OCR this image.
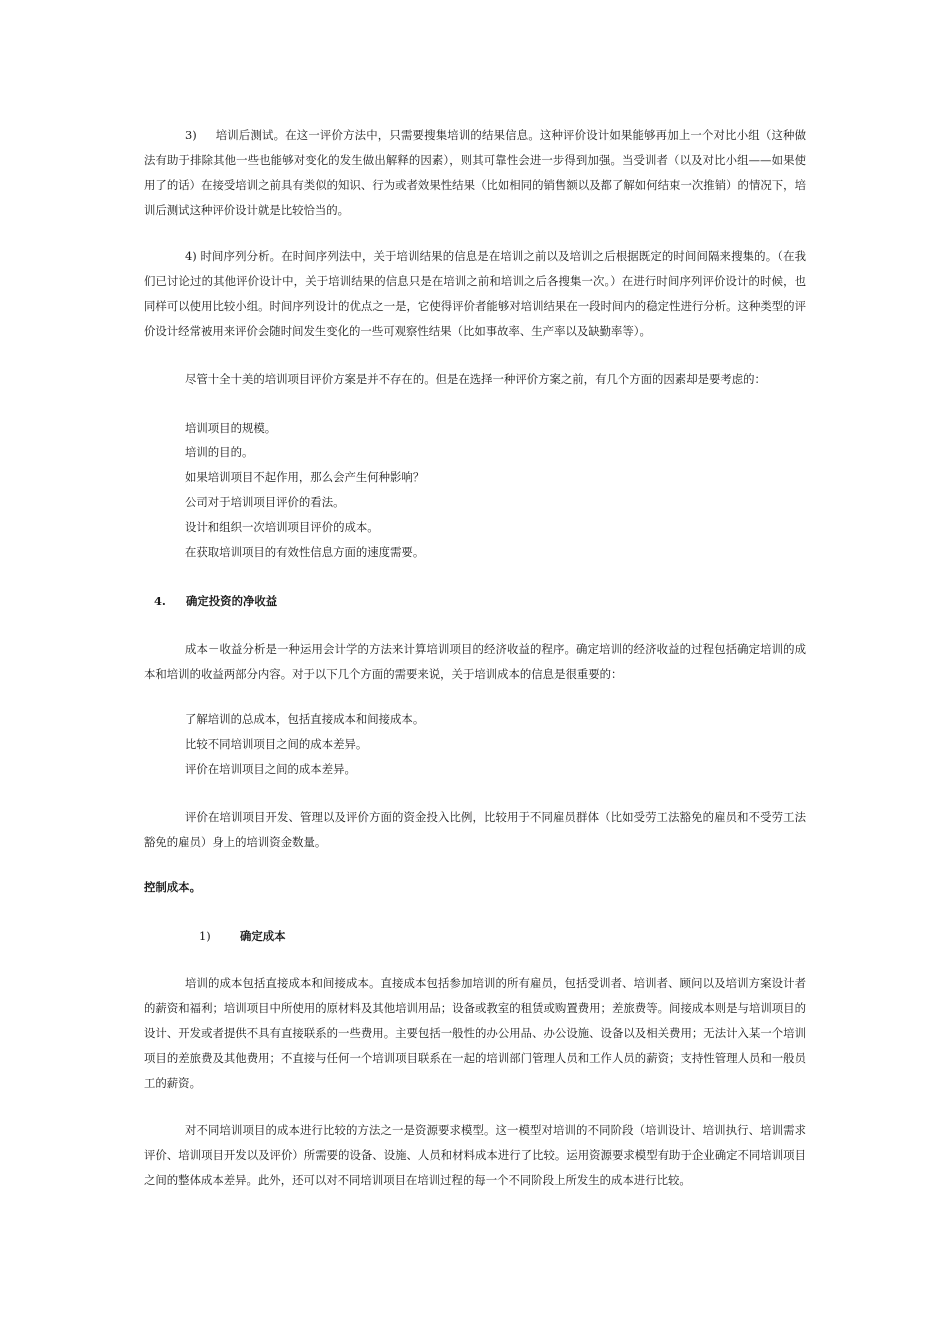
3)     培训后测试。在这一评价方法中，只需要搜集培训的结果信息。这种评价设计如果能够再加上一个对比小组（这种做法有助于排除其他一些也能够对变化的发生做出解释的因素），则其可靠性会进一步得到加强。当受训者（以及对比小组——如果使用了的话）在接受培训之前具有类似的知识、行为或者效果性结果（比如相同的销售额以及都了解如何结束一次推销）的情况下，培训后测试这种评价设计就是比较恰当的。

4) 时间序列分析。在时间序列法中，关于培训结果的信息是在培训之前以及培训之后根据既定的时间间隔来搜集的。（在我们已讨论过的其他评价设计中，关于培训结果的信息只是在培训之前和培训之后各搜集一次。）在进行时间序列评价设计的时候，也同样可以使用比较小组。时间序列设计的优点之一是，它使得评价者能够对培训结果在一段时间内的稳定性进行分析。这种类型的评价设计经常被用来评价会随时间发生变化的一些可观察性结果（比如事故率、生产率以及缺勤率等）。

尽管十全十美的培训项目评价方案是并不存在的。但是在选择一种评价方案之前，有几个方面的因素却是要考虑的：

培训项目的规模。

培训的目的。

如果培训项目不起作用，那么会产生何种影响？

公司对于培训项目评价的看法。

设计和组织一次培训项目评价的成本。

在获取培训项目的有效性信息方面的速度需要。

4. 确定投资的净收益

成本－收益分析是一种运用会计学的方法来计算培训项目的经济收益的程序。确定培训的经济收益的过程包括确定培训的成本和培训的收益两部分内容。对于以下几个方面的需要来说，关于培训成本的信息是很重要的：

了解培训的总成本，包括直接成本和间接成本。

比较不同培训项目之间的成本差异。

评价在培训项目之间的成本差异。

评价在培训项目开发、管理以及评价方面的资金投入比例，比较用于不同雇员群体（比如受劳工法豁免的雇员和不受劳工法豁免的雇员）身上的培训资金数量。

控制成本。

1)	确定成本

培训的成本包括直接成本和间接成本。直接成本包括参加培训的所有雇员，包括受训者、培训者、顾问以及培训方案设计者的薪资和福利；培训项目中所使用的原材料及其他培训用品；设备或教室的租赁或购置费用；差旅费等。间接成本则是与培训项目的设计、开发或者提供不具有直接联系的一些费用。主要包括一般性的办公用品、办公设施、设备以及相关费用；无法计入某一个培训项目的差旅费及其他费用；不直接与任何一个培训项目联系在一起的培训部门管理人员和工作人员的薪资；支持性管理人员和一般员工的薪资。

对不同培训项目的成本进行比较的方法之一是资源要求模型。这一模型对培训的不同阶段（培训设计、培训执行、培训需求评价、培训项目开发以及评价）所需要的设备、设施、人员和材料成本进行了比较。运用资源要求模型有助于企业确定不同培训项目之间的整体成本差异。此外，还可以对不同培训项目在培训过程的每一个不同阶段上所发生的成本进行比较。
